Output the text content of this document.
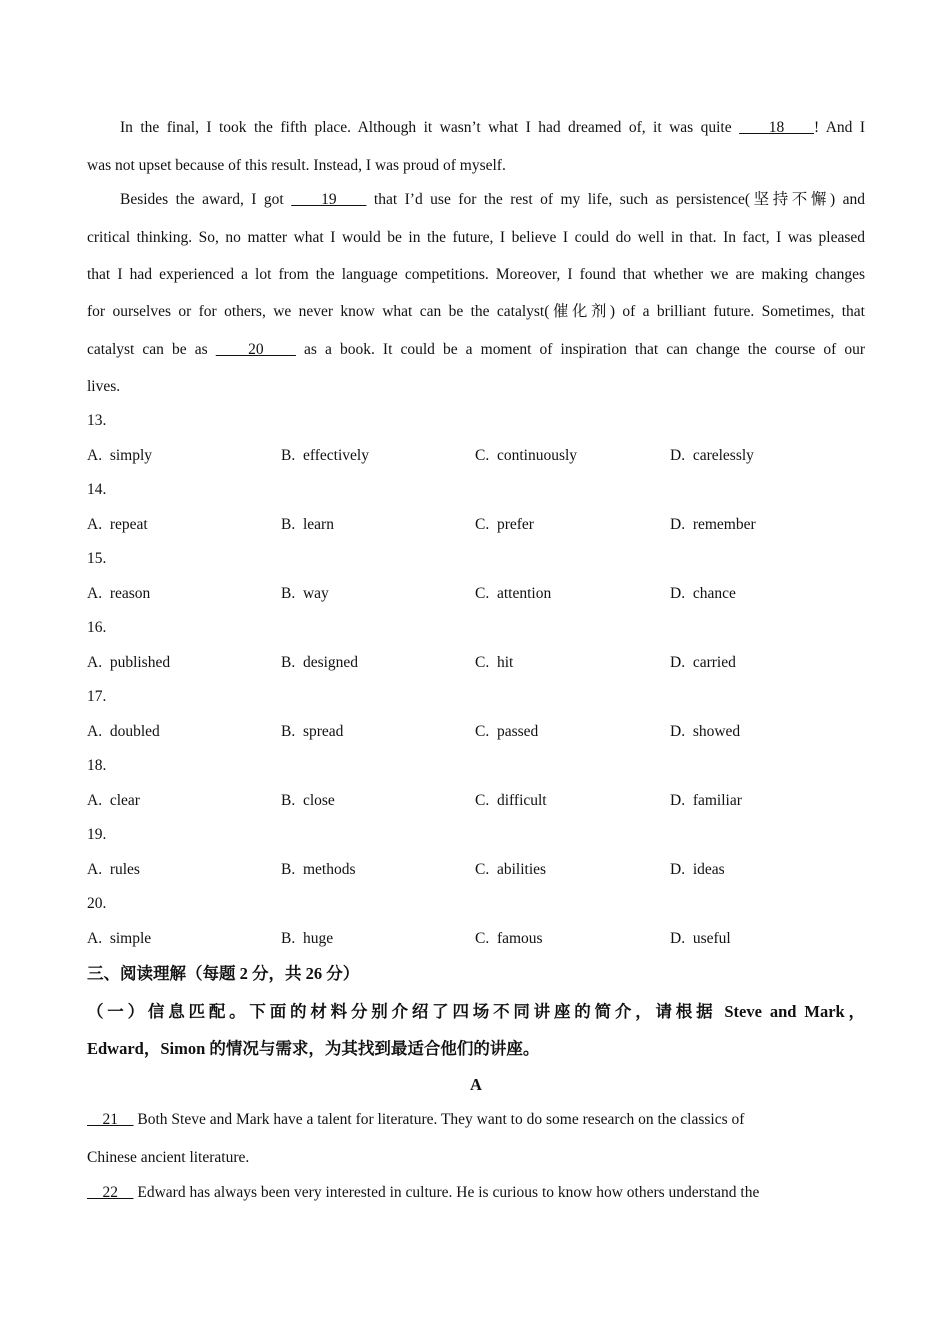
In the final, I took the fifth place. Although it wasn’t what I had dreamed of, it was quite     18    ! And I
was not upset because of this result. Instead, I was proud of myself.
Besides the award, I got     19     that I’d use for the rest of my life, such as persistence(坚持不懈) and
critical thinking. So, no matter what I would be in the future, I believe I could do well in that. In fact, I was pleased
that I had experienced a lot from the language competitions. Moreover, I found that whether we are making changes
for ourselves or for others, we never know what can be the catalyst(催化剂) of a brilliant future. Sometimes, that
catalyst can be as     20     as a book. It could be a moment of inspiration that can change the course of our
lives.
13.
A.  simply	B.  effectively	C.  continuously	D.  carelessly
14.
A.  repeat	B.  learn	C.  prefer	D.  remember
15.
A.  reason	B.  way	C.  attention	D.  chance
16.
A.  published	B.  designed	C.  hit	D.  carried
17.
A.  doubled	B.  spread	C.  passed	D.  showed
18.
A.  clear	B.  close	C.  difficult	D.  familiar
19.
A.  rules	B.  methods	C.  abilities	D.  ideas
20.
A.  simple	B.  huge	C.  famous	D.  useful
三、阅读理解（每题 2 分，共 26 分）
（一）信息匹配。下面的材料分别介绍了四场不同讲座的简介，请根据 Steve and Mark，
Edward，Simon 的情况与需求，为其找到最适合他们的讲座。
A
21     Both Steve and Mark have a talent for literature. They want to do some research on the classics of
Chinese ancient literature.
22     Edward has always been very interested in culture. He is curious to know how others understand the
